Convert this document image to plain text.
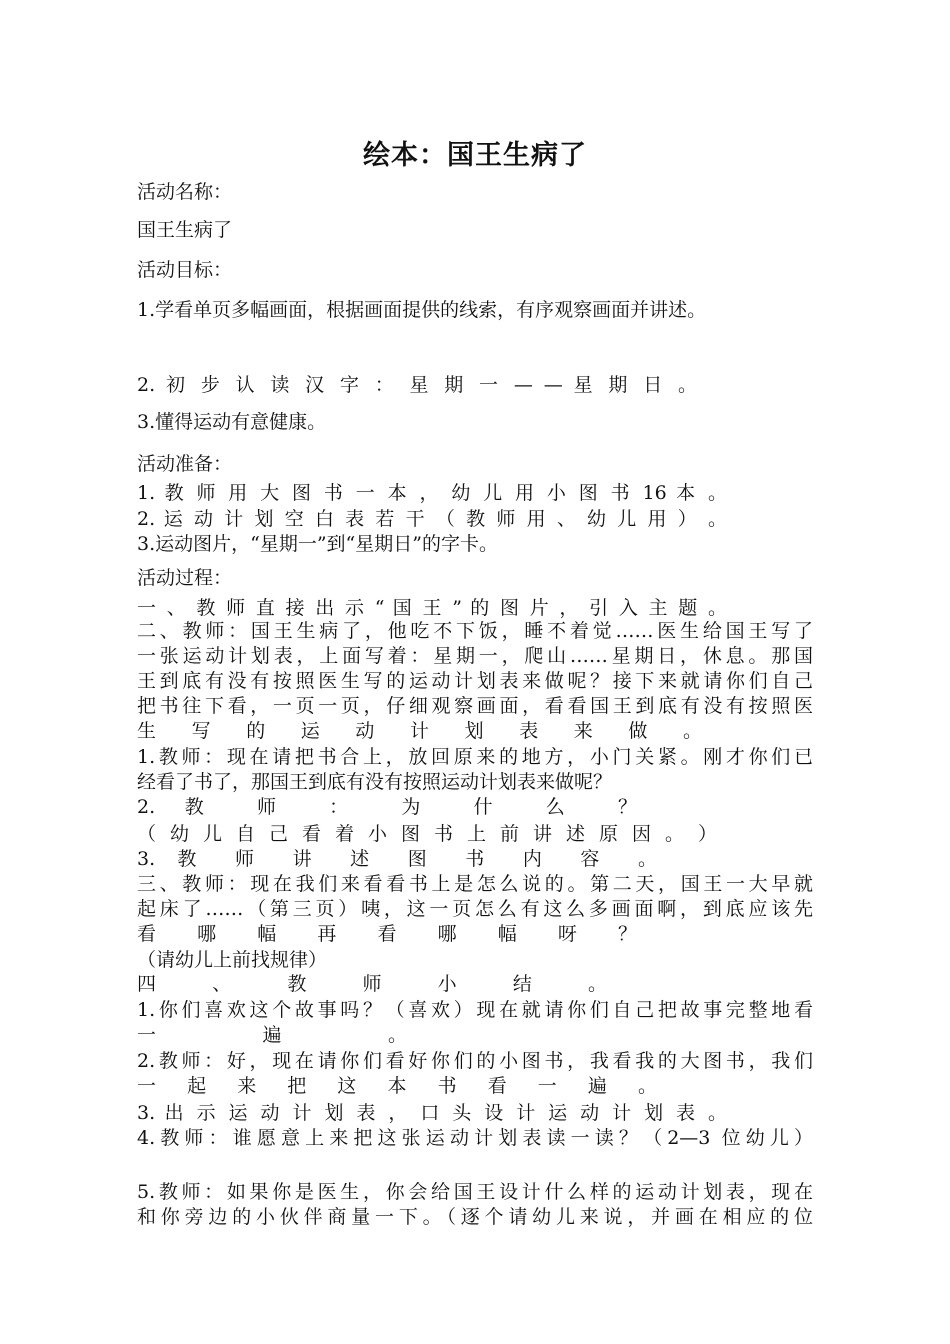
绘本：国王生病了
活动名称：
国王生病了
活动目标：
1.学看单页多幅画面，根据画面提供的线索，有序观察画面并讲述。
2. 初 步 认 读 汉 字 ： 星 期 一 — — 星 期 日 。
3.懂得运动有意健康。
活动准备：
1. 教 师 用 大 图 书 一 本 ， 幼 儿 用 小 图 书 16 本 。
2. 运 动 计 划 空 白 表 若 干 （ 教 师 用 、 幼 儿 用 ） 。
3.运动图片，“星期一”到“星期日”的字卡。
活动过程：
一 、 教 师 直 接 出 示 “ 国 王 ” 的 图 片 ， 引 入 主 题 。
二、教师：国王生病了，他吃不下饭，睡不着觉……医生给国王写了
一张运动计划表，上面写着：星期一，爬山……星期日，休息。那国
王到底有没有按照医生写的运动计划表来做呢？接下来就请你们自己
把书往下看，一页一页，仔细观察画面，看看国王到底有没有按照医
生 写 的 运 动 计 划 表 来 做 。
1.教师：现在请把书合上，放回原来的地方，小门关紧。刚才你们已
经看了书了，那国王到底有没有按照运动计划表来做呢？
2. 教 师 ： 为 什 么 ？
（ 幼 儿 自 己 看 着 小 图 书 上 前 讲 述 原 因 。 ）
3. 教 师 讲 述 图 书 内 容 。
三、教师：现在我们来看看书上是怎么说的。第二天，国王一大早就
起床了……（第三页）咦，这一页怎么有这么多画面啊，到底应该先
看 哪 幅 再 看 哪 幅 呀 ？
（请幼儿上前找规律）
四 、 教 师 小 结 。
1.你们喜欢这个故事吗？（喜欢）现在就请你们自己把故事完整地看
一 遍 。
2.教师：好，现在请你们看好你们的小图书，我看我的大图书，我们
一 起 来 把 这 本 书 看 一 遍 。
3. 出 示 运 动 计 划 表 ， 口 头 设 计 运 动 计 划 表 。
4.教师：谁愿意上来把这张运动计划表读一读？（2—3 位幼儿）
5.教师：如果你是医生，你会给国王设计什么样的运动计划表，现在
和你旁边的小伙伴商量一下。（逐个请幼儿来说，并画在相应的位
